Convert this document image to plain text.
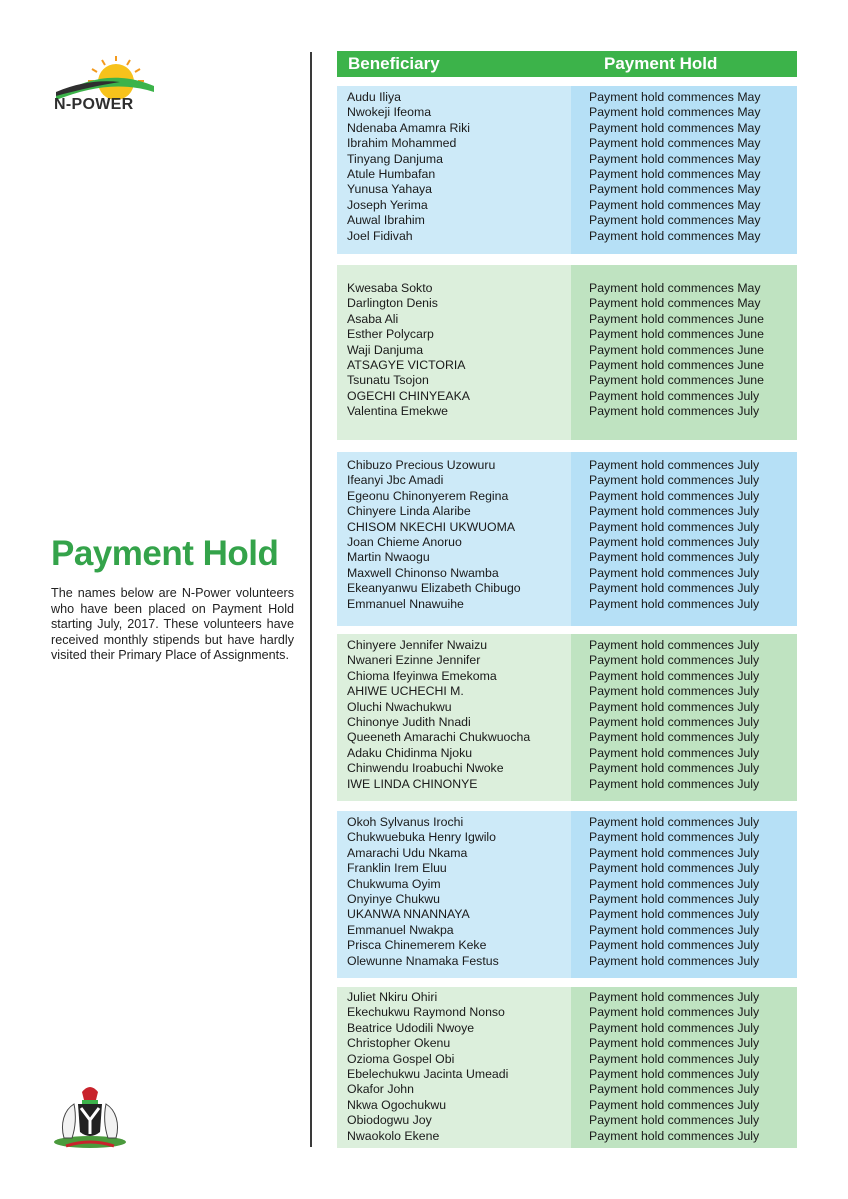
N-POWER
Payment Hold

The names below are N-Power volunteers who have been placed on Payment Hold starting July, 2017. These volunteers have received monthly stipends but have hardly visited their Primary Place of Assignments.

Beneficiary	Payment Hold
Audu Iliya	Payment hold commences May
Nwokeji Ifeoma	Payment hold commences May
Ndenaba Amamra Riki	Payment hold commences May
Ibrahim Mohammed	Payment hold commences May
Tinyang Danjuma	Payment hold commences May
Atule Humbafan	Payment hold commences May
Yunusa Yahaya	Payment hold commences May
Joseph Yerima	Payment hold commences May
Auwal Ibrahim	Payment hold commences May
Joel Fidivah	Payment hold commences May
Kwesaba Sokto	Payment hold commences May
Darlington Denis	Payment hold commences May
Asaba Ali	Payment hold commences June
Esther Polycarp	Payment hold commences June
Waji Danjuma	Payment hold commences June
ATSAGYE VICTORIA	Payment hold commences June
Tsunatu Tsojon	Payment hold commences June
OGECHI CHINYEAKA	Payment hold commences July
Valentina Emekwe	Payment hold commences July
Chibuzo Precious Uzowuru	Payment hold commences July
Ifeanyi Jbc Amadi	Payment hold commences July
Egeonu Chinonyerem Regina	Payment hold commences July
Chinyere Linda Alaribe	Payment hold commences July
CHISOM NKECHI UKWUOMA	Payment hold commences July
Joan Chieme Anoruo	Payment hold commences July
Martin Nwaogu	Payment hold commences July
Maxwell Chinonso Nwamba	Payment hold commences July
Ekeanyanwu Elizabeth Chibugo	Payment hold commences July
Emmanuel Nnawuihe	Payment hold commences July
Chinyere Jennifer Nwaizu	Payment hold commences July
Nwaneri Ezinne Jennifer	Payment hold commences July
Chioma Ifeyinwa Emekoma	Payment hold commences July
AHIWE UCHECHI M.	Payment hold commences July
Oluchi Nwachukwu	Payment hold commences July
Chinonye Judith Nnadi	Payment hold commences July
Queeneth Amarachi Chukwuocha	Payment hold commences July
Adaku Chidinma Njoku	Payment hold commences July
Chinwendu Iroabuchi Nwoke	Payment hold commences July
IWE LINDA CHINONYE	Payment hold commences July
Okoh Sylvanus Irochi	Payment hold commences July
Chukwuebuka Henry Igwilo	Payment hold commences July
Amarachi Udu Nkama	Payment hold commences July
Franklin Irem Eluu	Payment hold commences July
Chukwuma Oyim	Payment hold commences July
Onyinye Chukwu	Payment hold commences July
UKANWA NNANNAYA	Payment hold commences July
Emmanuel Nwakpa	Payment hold commences July
Prisca Chinemerem Keke	Payment hold commences July
Olewunne Nnamaka Festus	Payment hold commences July
Juliet Nkiru Ohiri	Payment hold commences July
Ekechukwu Raymond Nonso	Payment hold commences July
Beatrice Udodili Nwoye	Payment hold commences July
Christopher Okenu	Payment hold commences July
Ozioma Gospel Obi	Payment hold commences July
Ebelechukwu Jacinta Umeadi	Payment hold commences July
Okafor John	Payment hold commences July
Nkwa Ogochukwu	Payment hold commences July
Obiodogwu Joy	Payment hold commences July
Nwaokolo Ekene	Payment hold commences July
